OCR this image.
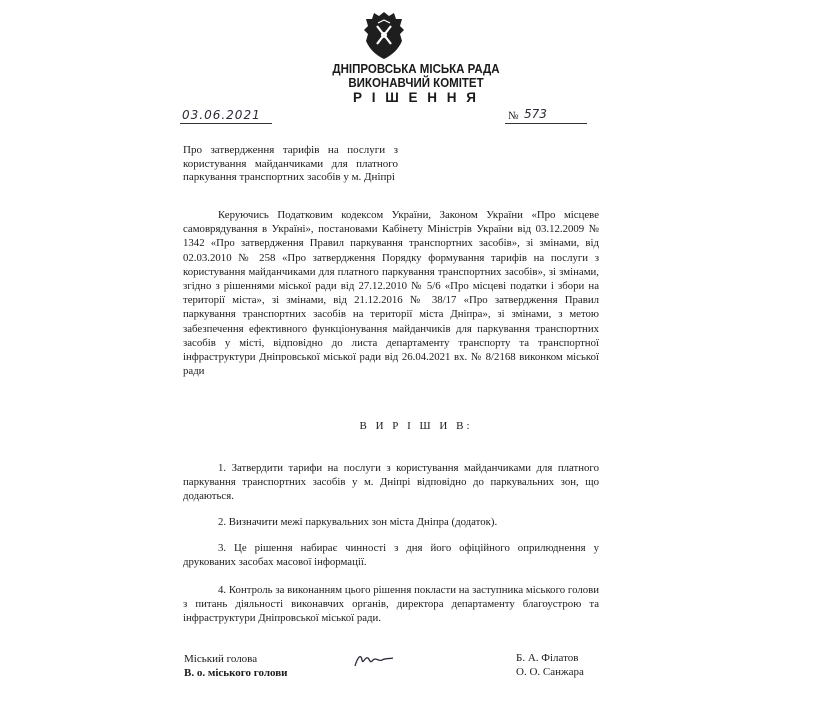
ДНІПРОВСЬКА МІСЬКА РАДА
ВИКОНАВЧИЙ КОМІТЕТ
Р І Ш Е Н Н Я
03.06.2021	№ 573
Про затвердження тарифів на послуги з користування майданчиками для платного паркування транспортних засобів у м. Дніпрі
Керуючись Податковим кодексом України, Законом України «Про місцеве самоврядування в Україні», постановами Кабінету Міністрів України від 03.12.2009 № 1342 «Про затвердження Правил паркування транспортних засобів», зі змінами, від 02.03.2010 № 258 «Про затвердження Порядку формування тарифів на послуги з користування майданчиками для платного паркування транспортних засобів», зі змінами, згідно з рішеннями міської ради від 27.12.2010 № 5/6 «Про місцеві податки і збори на території міста», зі змінами, від 21.12.2016 № 38/17 «Про затвердження Правил паркування транспортних засобів на території міста Дніпра», зі змінами, з метою забезпечення ефективного функціонування майданчиків для паркування транспортних засобів у місті, відповідно до листа департаменту транспорту та транспортної інфраструктури Дніпровської міської ради від 26.04.2021 вх. № 8/2168 виконком міської ради
В И Р І Ш И В:
1. Затвердити тарифи на послуги з користування майданчиками для платного паркування транспортних засобів у м. Дніпрі відповідно до паркувальних зон, що додаються.
2. Визначити межі паркувальних зон міста Дніпра (додаток).
3. Це рішення набирає чинності з дня його офіційного оприлюднення у друкованих засобах масової інформації.
4. Контроль за виконанням цього рішення покласти на заступника міського голови з питань діяльності виконавчих органів, директора департаменту благоустрою та інфраструктури Дніпровської міської ради.
Міський голова
В. о. міського голови
Б. А. Філатов
О. О. Санжара
